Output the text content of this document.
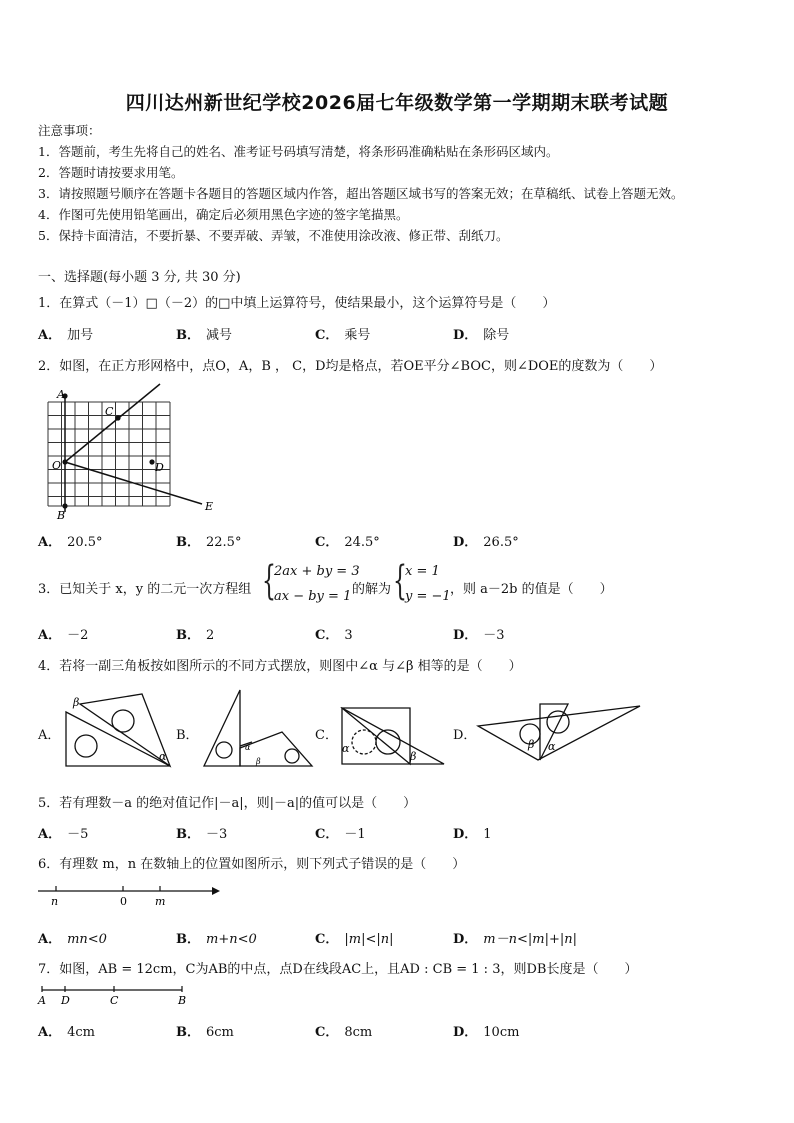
四川达州新世纪学校2026届七年级数学第一学期期末联考试题
注意事项：
1．答题前，考生先将自己的姓名、准考证号码填写清楚，将条形码准确粘贴在条形码区域内。
2．答题时请按要求用笔。
3．请按照题号顺序在答题卡各题目的答题区域内作答，超出答题区域书写的答案无效；在草稿纸、试卷上答题无效。
4．作图可先使用铅笔画出，确定后必须用黑色字迹的签字笔描黑。
5．保持卡面清洁，不要折暴、不要弄破、弄皱，不准使用涂改液、修正带、刮纸刀。
一、选择题(每小题 3 分, 共 30 分)
1．在算式（－1）□（－2）的□中填上运算符号，使结果最小，这个运算符号是（　　）
A． 加号	B． 减号	C． 乘号	D． 除号
2．如图，在正方形网格中，点O，A，B ， C，D均是格点，若OE平分∠BOC，则∠DOE的度数为（　　）
A
B
O
C
D
E
A． 20.5°	B． 22.5°	C． 24.5°	D． 26.5°
3．已知关于 x，y 的二元一次方程组 {
2ax + by = 3
ax − by = 1 的解为 {
x = 1
y = −1 ，则 a－2b 的值是（　　）
A． －2	B． 2	C． 3	D． －3
4．若将一副三角板按如图所示的不同方式摆放，则图中∠α 与∠β 相等的是（　　）
A．
β
α
B．
α
β
C．
α
β
D．
β α
5．若有理数－a 的绝对值记作|－a|，则|－a|的值可以是（　　）
A． －5	B． －3	C． －1	D． 1
6．有理数 m，n 在数轴上的位置如图所示，则下列式子错误的是（　　）
n	0	m
A． mn<0	B． m+n<0	C． |m|<|n|	D． m－n<|m|+|n|
7．如图，AB = 12cm，C为AB的中点，点D在线段AC上，且AD : CB = 1 : 3，则DB长度是（　　）
A D	C	B
A． 4cm	B． 6cm	C． 8cm	D． 10cm
